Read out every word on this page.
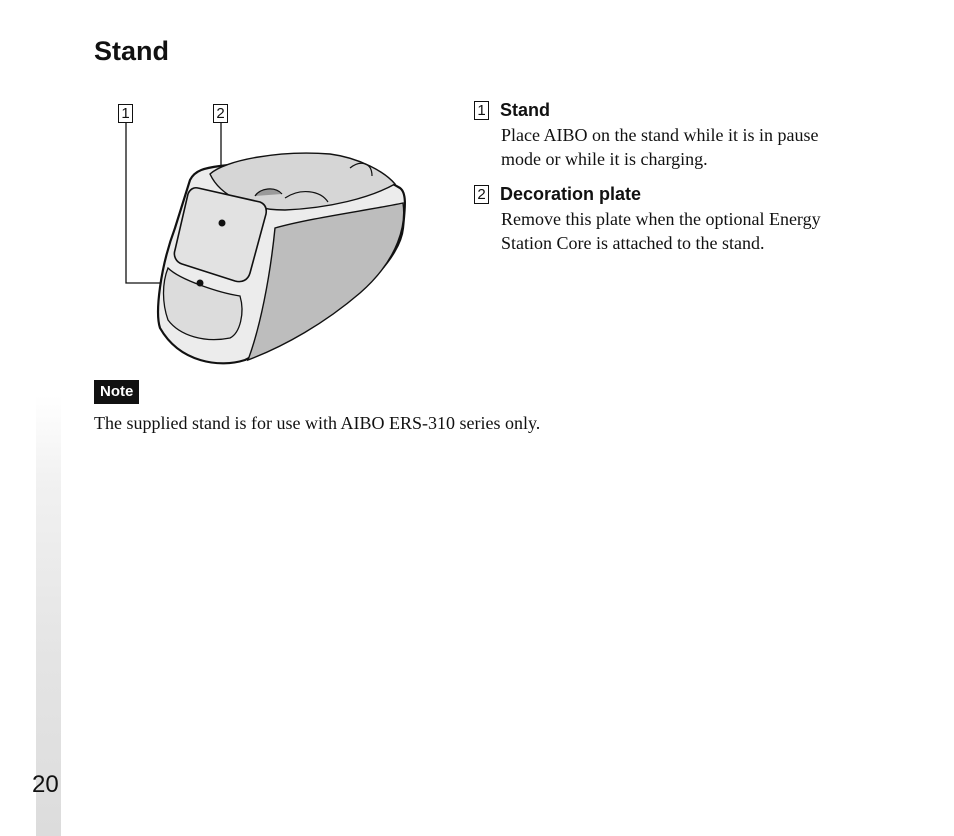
20
Stand
1	2	1 Stand
Place AIBO on the stand while it is in pause mode or while it is charging.
2 Decoration plate
Remove this plate when the optional Energy Station Core is attached to the stand.
Note
The supplied stand is for use with AIBO ERS-310 series only.
